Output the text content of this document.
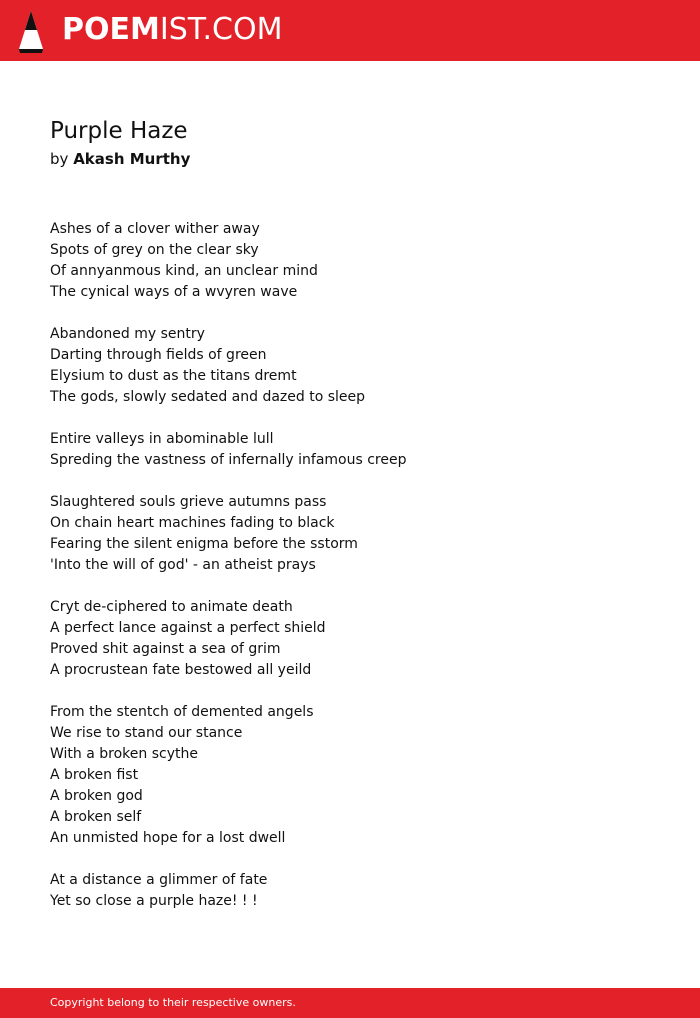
POEMIST.COM
Purple Haze
by Akash Murthy
Ashes of a clover wither away
Spots of grey on the clear sky
Of annyanmous kind, an unclear mind
The cynical ways of a wvyren wave
Abandoned my sentry
Darting through fields of green
Elysium to dust as the titans dremt
The gods, slowly sedated and dazed to sleep
Entire valleys in abominable lull
Spreding the vastness of infernally infamous creep
Slaughtered souls grieve autumns pass
On chain heart machines fading to black
Fearing the silent enigma before the sstorm
'Into the will of god' - an atheist prays
Cryt de-ciphered to animate death
A perfect lance against a perfect shield
Proved shit against a sea of grim
A procrustean fate bestowed all yeild
From the stentch of demented angels
We rise to stand our stance
With a broken scythe
A broken fist
A broken god
A broken self
An unmisted hope for a lost dwell
At a distance a glimmer of fate
Yet so close a purple haze! ! !
Copyright belong to their respective owners.
